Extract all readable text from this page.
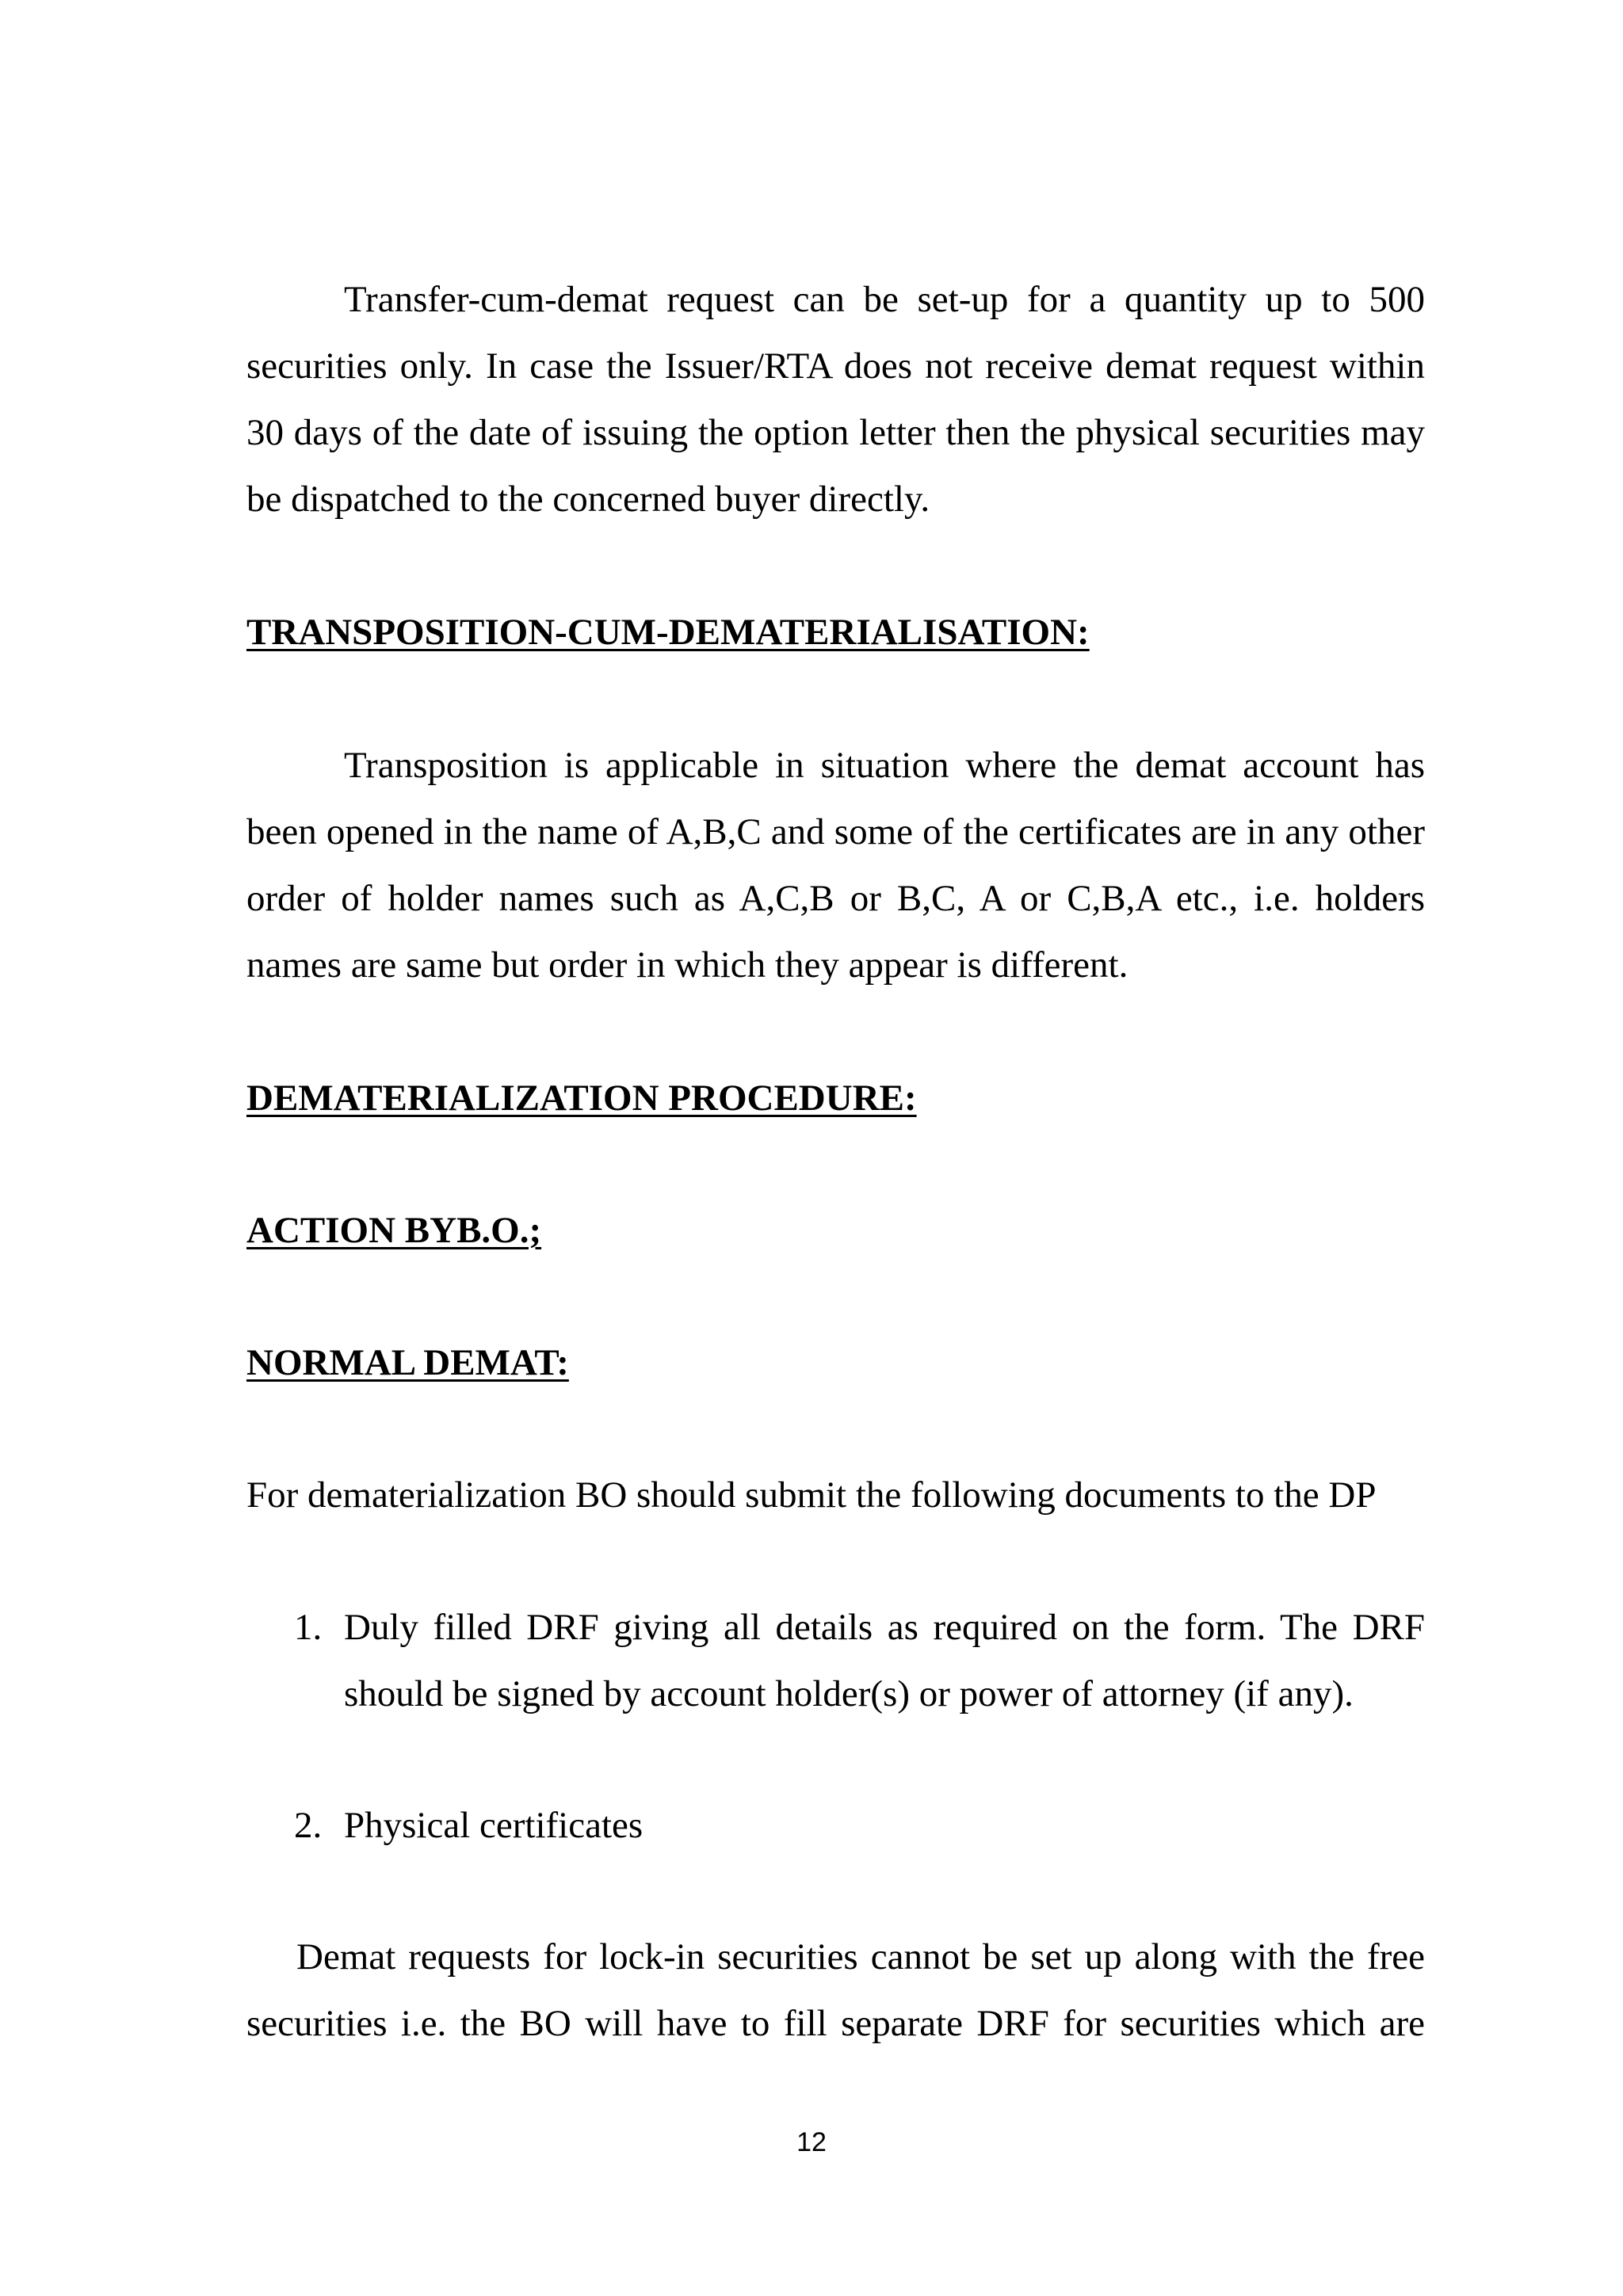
Transfer-cum-demat request can be set-up for a quantity up to 500 securities only. In case the Issuer/RTA does not receive demat request within 30 days of the date of issuing the option letter then the physical securities may be dispatched to the concerned buyer directly.

TRANSPOSITION-CUM-DEMATERIALISATION:

Transposition is applicable in situation where the demat account has been opened in the name of A,B,C and some of the certificates are in any other order of holder names such as A,C,B or B,C, A or C,B,A etc., i.e. holders names are same but order in which they appear is different.

DEMATERIALIZATION PROCEDURE:

ACTION BYB.O.;

NORMAL DEMAT:

For dematerialization BO should submit the following documents to the DP

1. Duly filled DRF giving all details as required on the form. The DRF should be signed by account holder(s) or power of attorney (if any).
2. Physical certificates

Demat requests for lock-in securities cannot be set up along with the free securities i.e. the BO will have to fill separate DRF for securities which are

12
